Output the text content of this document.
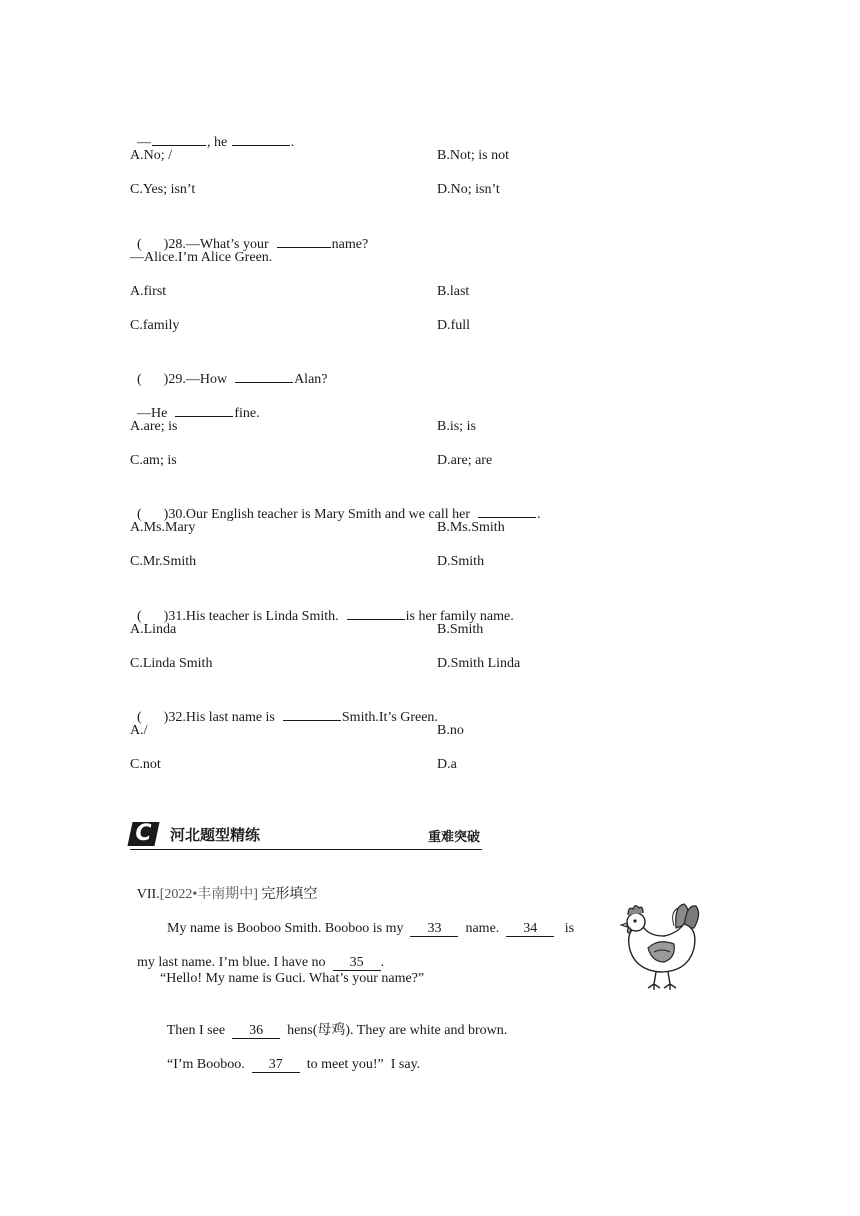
—	, he	.

A.No; /	B.Not; is not
C.Yes; isn’t	D.No; isn’t

( )28.—What’s your	name?

—Alice.I’m Alice Green.
A.first	B.last
C.family	D.full

( )29.—How	Alan?

—He	fine.

A.are; is	B.is; is
C.am; is	D.are; are

( )30.Our English teacher is Mary Smith and we call her	.

A.Ms.Mary	B.Ms.Smith
C.Mr.Smith	D.Smith

( )31.His teacher is Linda Smith.	is her family name.

A.Linda	B.Smith
C.Linda Smith	D.Smith Linda

( )32.His last name is	Smith.It’s Green.

A./	B.no
C.not	D.a
C	河北题型精练	重难突破

VII.[2022•丰南期中] 完形填空

My name is Booboo Smith. Booboo is my 33 name. 34 is

my last name. I’m blue. I have no 35 .

“Hello! My name is Guci. What’s your name?”

Then I see 36 hens(母鸡). They are white and brown.

“I’m Booboo. 37 to meet you!”  I say.
